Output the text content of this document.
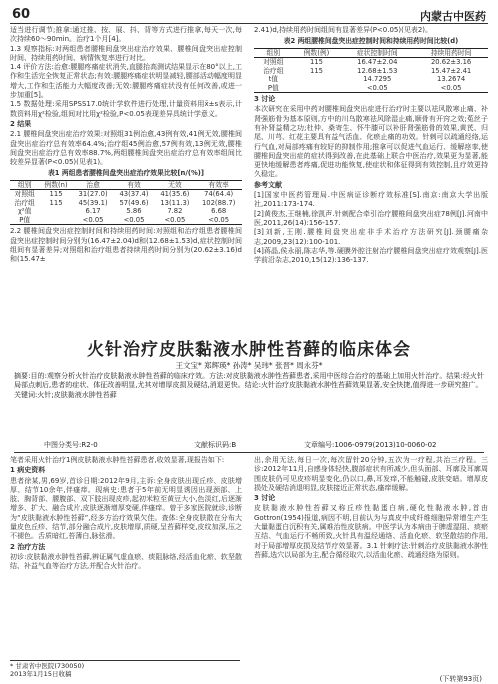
60	内蒙古中医药

适当进行调节;推拿:通过推、按、展、抖、背等方式进行推拿,每天一次,每次持续60～90min。治疗1个月[4]。

1.3 观察指标:对两组患者腰椎间盘突出症治疗效果、腰椎间盘突出症控制时间、持续用药时间、病情恢复率进行对比。

1.4 评价方法:治愈:腰腿疼痛症状消失,直腿抬高测试结果显示在80°以上,工作和生活完全恢复正常状态;有效:腰腿疼痛症状明显减轻,腰部活动幅度明显增大,工作和生活能力大幅度改善;无效:腰腿疼痛症状没有任何改善,或进一步加重[5]。

1.5 数据处理:采用SPSS17.0统计学软件进行处理,计量资料用x̄±s表示,计数资料用χ²检验,组间对比用χ²检验,P<0.05表现差异具统计学意义。

2 结果

2.1 腰椎间盘突出症治疗效果:对照组31例治愈,43例有效,41例无效,腰椎间盘突出症治疗总有效率64.4%;治疗组45例治愈,57例有效,13例无效,腰椎间盘突出症治疗总有效率88.7%,两组腰椎间盘突出症治疗总有效率组间比较差异显著(P<0.05)(见表1)。

表1 两组患者腰椎间盘突出症治疗效果比较[n/(%)]
组别	例数(n)	治愈	有效	无效	有效率
对照组	115	31(27.0)	43(37.4)	41(35.6)	74(64.4)
治疗组	115	45(39.1)	57(49.6)	13(11.3)	102(88.7)
χ²值		6.17	5.86	7.82	6.68
P值		<0.05	<0.05	<0.05	<0.05

2.2 腰椎间盘突出症控制时间和持续用药时间:对照组和治疗组患者腰椎间盘突出症控制时间分别为(16.47±2.04)d和(12.68±1.53)d,症状控制时间组间有显著差异;对照组和治疗组患者持续用药时间分别为(20.62±3.16)d和(15.47±

2.41)d,持续用药时间组间有显著差异(P<0.05)(见表2)。

表2 两组腰椎间盘突出症控制时间和持续用药时间比较(d)
组别	例数(例)	症状控制时间	持续用药时间
对照组	115	16.47±2.04	20.62±3.16
治疗组	115	12.68±1.53	15.47±2.41
t值		14.7295	13.2674
P值		<0.05	<0.05

3 讨论

本次研究在采用中药对腰椎间盘突出症进行治疗时主要以祛风散寒止痛、补肾强筋骨为基本原则,方中的川乌散寒祛风除湿止痛,顺骨有开窍之效;菟丝子有补肾益精之功;杜仲、桑寄生、怀牛膝可以补肝肾强筋骨的效果,黄芪、归尾、川芎、红花主要具有益气活血、化瘀止痛的功效。针刺可以疏通经络,运行气血,对局部疼痛有较好的抑制作用;推拿可以促进气血运行、缓解痉挛,使腰椎间盘突出症的症状得到改善,在此基础上联合中医治疗,效果更为显著,能更快地缓解患者疼痛,促进功能恢复,使症状和体征得到有效控制,且疗效更持久稳定。

参考文献

[1]国家中医药管理局.中医病证诊断疗效标准[S].南京:南京大学出版社,2011:173-174.

[2]黄俊杰,王继楠,徐凯声.针刺配合牵引治疗腰椎间盘突出症78例[J].河南中医,2011,26(14):156-157.

[3]刘新,王刚.腰椎间盘突出症非手术治疗方法研究[J].颈腰痛杂志,2009,23(12):100-101.

[4]蒋晶,侯永丽,陈志华,等.硬膜外腔注射治疗腰椎间盘突出症疗效观察[J].医学前沿杂志,2010,15(12):136-137.

火针治疗皮肤黏液水肿性苔藓的临床体会
王文宝* 郑辉瑛* 孙涛* 吴玮* 张晋* 周永芬*

摘要:目的:观察分析火针治疗皮肤黏液水肿性苔藓的临床疗效。方法:对皮肤黏液水肿性苔藓患者,采用中医综合治疗的基础上加用火针治疗。结果:经火针局部点刺后,患者的症状、体征改善明显,尤其对增厚皮损及硬结,消退更快。结论:火针治疗皮肤黏液水肿性苔藓效果显著,安全快捷,值得进一步研究推广。

关键词:火针;皮肤黏液水肿性苔藓

中图分类号:R2-0	文献标识码:B	文章编号:1006-0979(2013)10-0060-02

笔者采用火针治疗1例皮肤黏液水肿性苔藓患者,收效显著,现报告如下:

1 病史资料

患者徐某,男,69岁,首诊日期:2012年9月,主诉:全身皮肤出现丘疹、皮肤增厚、结节10余年,伴瘙痒。现病史:患者于5年前无明显诱因出现颈部、上肢、胸背部、腰腹部、双下肢出现皮疹,起初米粒至黄豆大小,色淡红,后逐渐增多、扩大、融合成片,皮肤逐渐增厚变硬,伴瘙痒。曾于多家医院就诊,诊断为“皮肤黏液水肿性苔藓”,经多方治疗效果欠佳。查体:全身皮肤散在分布大量皮色丘疹、结节,部分融合成片,皮肤增厚,质硬,呈苔藓样变,皮纹加深,压之不褪色。舌质暗红,苔薄白,脉弦滑。

2 治疗方法

初诊:皮肤黏液水肿性苔藓,辨证属气虚血瘀、痰阻脉络,经活血化瘀、软坚散结、补益气血等治疗方法,并配合火针治疗。

出,余用无法,每日一次,每次留针20分钟,五次为一疗程,共治三疗程。三诊:2012年11月,自感身体轻快,腹部症状有所减少,但头面部、耳廓及耳廓周围皮肤仍可见皮疹明显变化,仍以口,鼻,耳发痒,不能触碰,皮肤变暗。增厚皮损处及硬结消退明显,皮肤接近正常状态,瘙痒缓解。

3 讨论

皮肤黏液水肿性苔藓又称丘疹性黏蛋白病,硬化性黏液水肿,首由Gottron(1954)报道,病因不明,目前认为与真皮中成纤维细胞异常增生产生大量黏蛋白沉积有关,属难治性皮肤病。中医学认为本病由于脾虚湿阻、痰瘀互结、气血运行不畅所致,火针具有温经通络、活血化瘀、软坚散结的作用,对于局部增厚皮损及结节疗效显著。3.1 针刺疗法:针刺治疗皮肤黏液水肿性苔藓,选穴以局部为主,配合循经取穴,以活血化瘀、疏通经络为原则。

* 甘肃省中医院(730050)
2013年1月15日收稿
(下转第93页)
